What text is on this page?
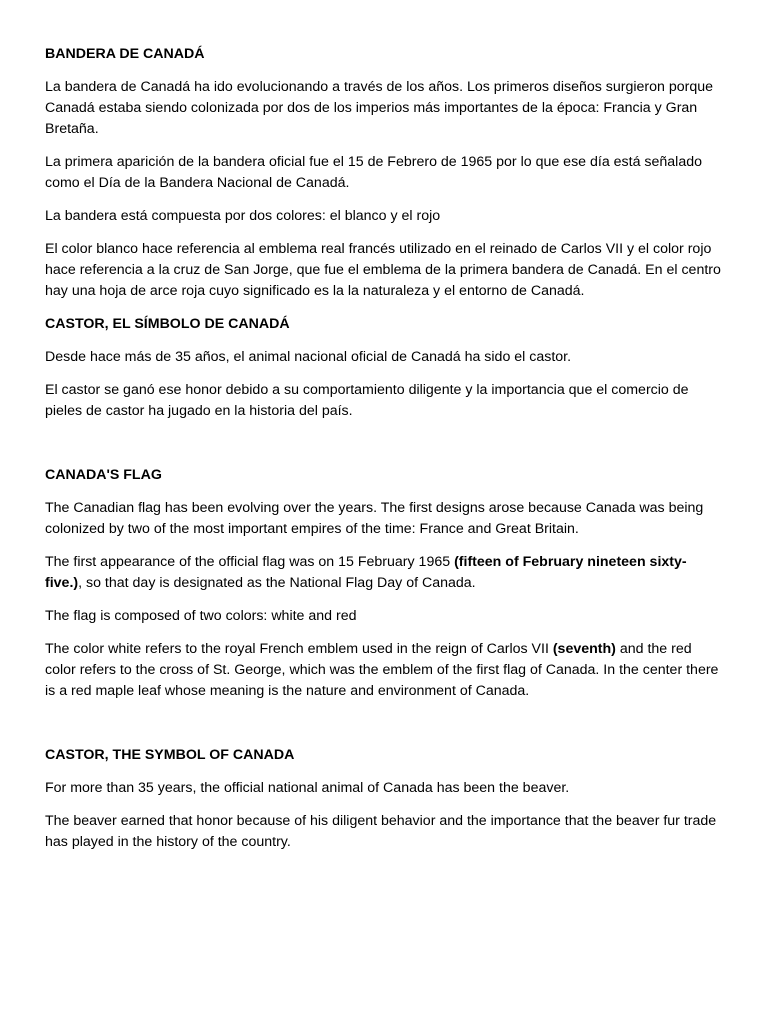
BANDERA DE CANADÁ

La bandera de Canadá ha ido evolucionando a través de los años. Los primeros diseños surgieron porque Canadá estaba siendo colonizada por dos de los imperios más importantes de la época: Francia y Gran Bretaña.

La primera aparición de la bandera oficial fue el 15 de Febrero de 1965 por lo que ese día está señalado como el Día de la Bandera Nacional de Canadá.

La bandera está compuesta por dos colores: el blanco y el rojo

El color blanco hace referencia al emblema real francés utilizado en el reinado de Carlos VII y el color rojo hace referencia a la cruz de San Jorge, que fue el emblema de la primera bandera de Canadá. En el centro hay una hoja de arce roja cuyo significado es la la naturaleza y el entorno de Canadá.

CASTOR, EL SÍMBOLO DE CANADÁ

Desde hace más de 35 años, el animal nacional oficial de Canadá ha sido el castor.

El castor se ganó ese honor debido a su comportamiento diligente y la importancia que el comercio de pieles de castor ha jugado en la historia del país.

CANADA'S FLAG

The Canadian flag has been evolving over the years. The first designs arose because Canada was being colonized by two of the most important empires of the time: France and Great Britain.

The first appearance of the official flag was on 15 February 1965 (fifteen of February nineteen sixty-five.), so that day is designated as the National Flag Day of Canada.

The flag is composed of two colors: white and red

The color white refers to the royal French emblem used in the reign of Carlos VII (seventh) and the red color refers to the cross of St. George, which was the emblem of the first flag of Canada. In the center there is a red maple leaf whose meaning is the nature and environment of Canada.

CASTOR, THE SYMBOL OF CANADA

For more than 35 years, the official national animal of Canada has been the beaver.

The beaver earned that honor because of his diligent behavior and the importance that the beaver fur trade has played in the history of the country.
